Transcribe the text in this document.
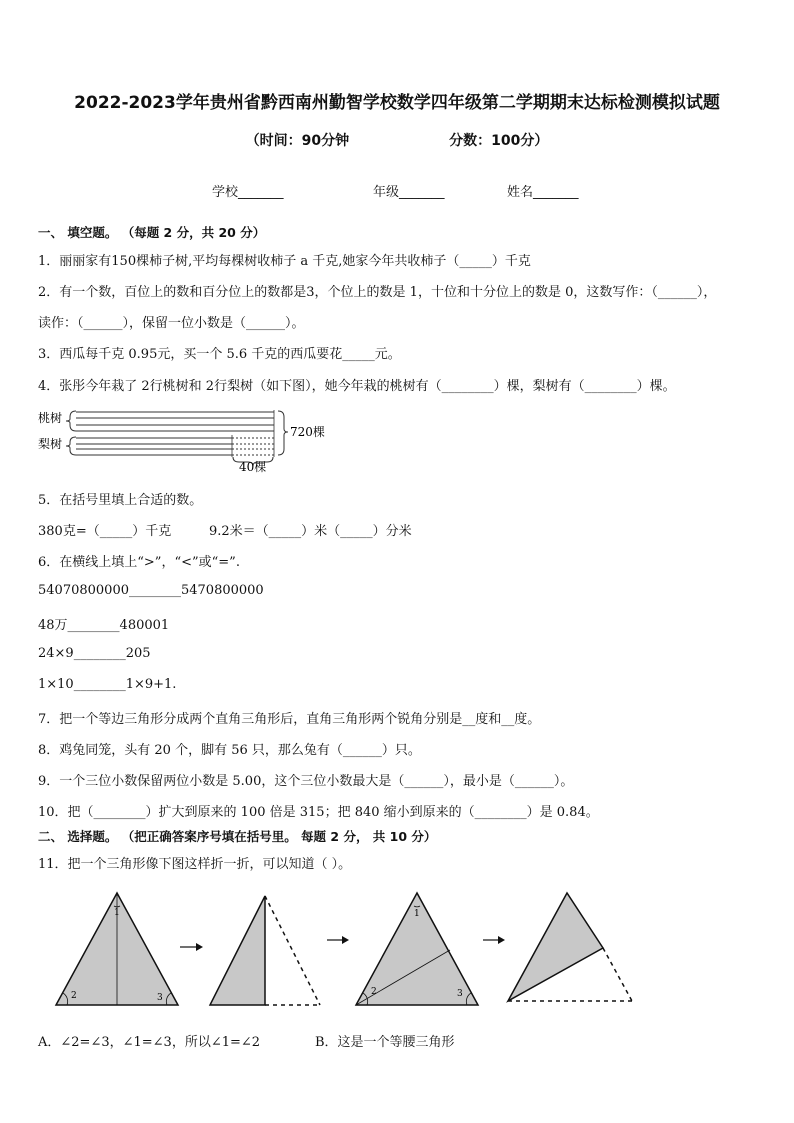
2022-2023学年贵州省黔西南州勤智学校数学四年级第二学期期末达标检测模拟试题
（时间：90分钟	分数：100分）
学校_______	年级_______	姓名_______
一、 填空题。 （每题 2 分，共 20 分）
1．丽丽家有150棵柿子树,平均每棵树收柿子 a 千克,她家今年共收柿子（_____）千克
2．有一个数，百位上的数和百分位上的数都是3，个位上的数是 1，十位和十分位上的数是 0，这数写作：（______），
读作：（______），保留一位小数是（______）。
3．西瓜每千克 0.95元，买一个 5.6 千克的西瓜要花_____元。
4．张彤今年栽了 2行桃树和 2行梨树（如下图），她今年栽的桃树有（________）棵，梨树有（________）棵。
桃树
梨树
720棵
40棵
5．在括号里填上合适的数。
380克=（_____）千克	9.2米＝（_____）米（_____）分米
6．在横线上填上“>”，“<”或“=”.
54070800000________5470800000
48万________480001
24×9________205
1×10________1×9+1.
7．把一个等边三角形分成两个直角三角形后，直角三角形两个锐角分别是__度和__度。
8．鸡兔同笼，头有 20 个，脚有 56 只，那么兔有（______）只。
9．一个三位小数保留两位小数是 5.00，这个三位小数最大是（______），最小是（______）。
10．把（________）扩大到原来的 100 倍是 315；把 840 缩小到原来的（________）是 0.84。
二、 选择题。 （把正确答案序号填在括号里。 每题 2 分， 共 10 分）
11．把一个三角形像下图这样折一折，可以知道（ ）。
1
2	3
1
2	3
A．∠2=∠3，∠1=∠3，所以∠1=∠2	B．这是一个等腰三角形
